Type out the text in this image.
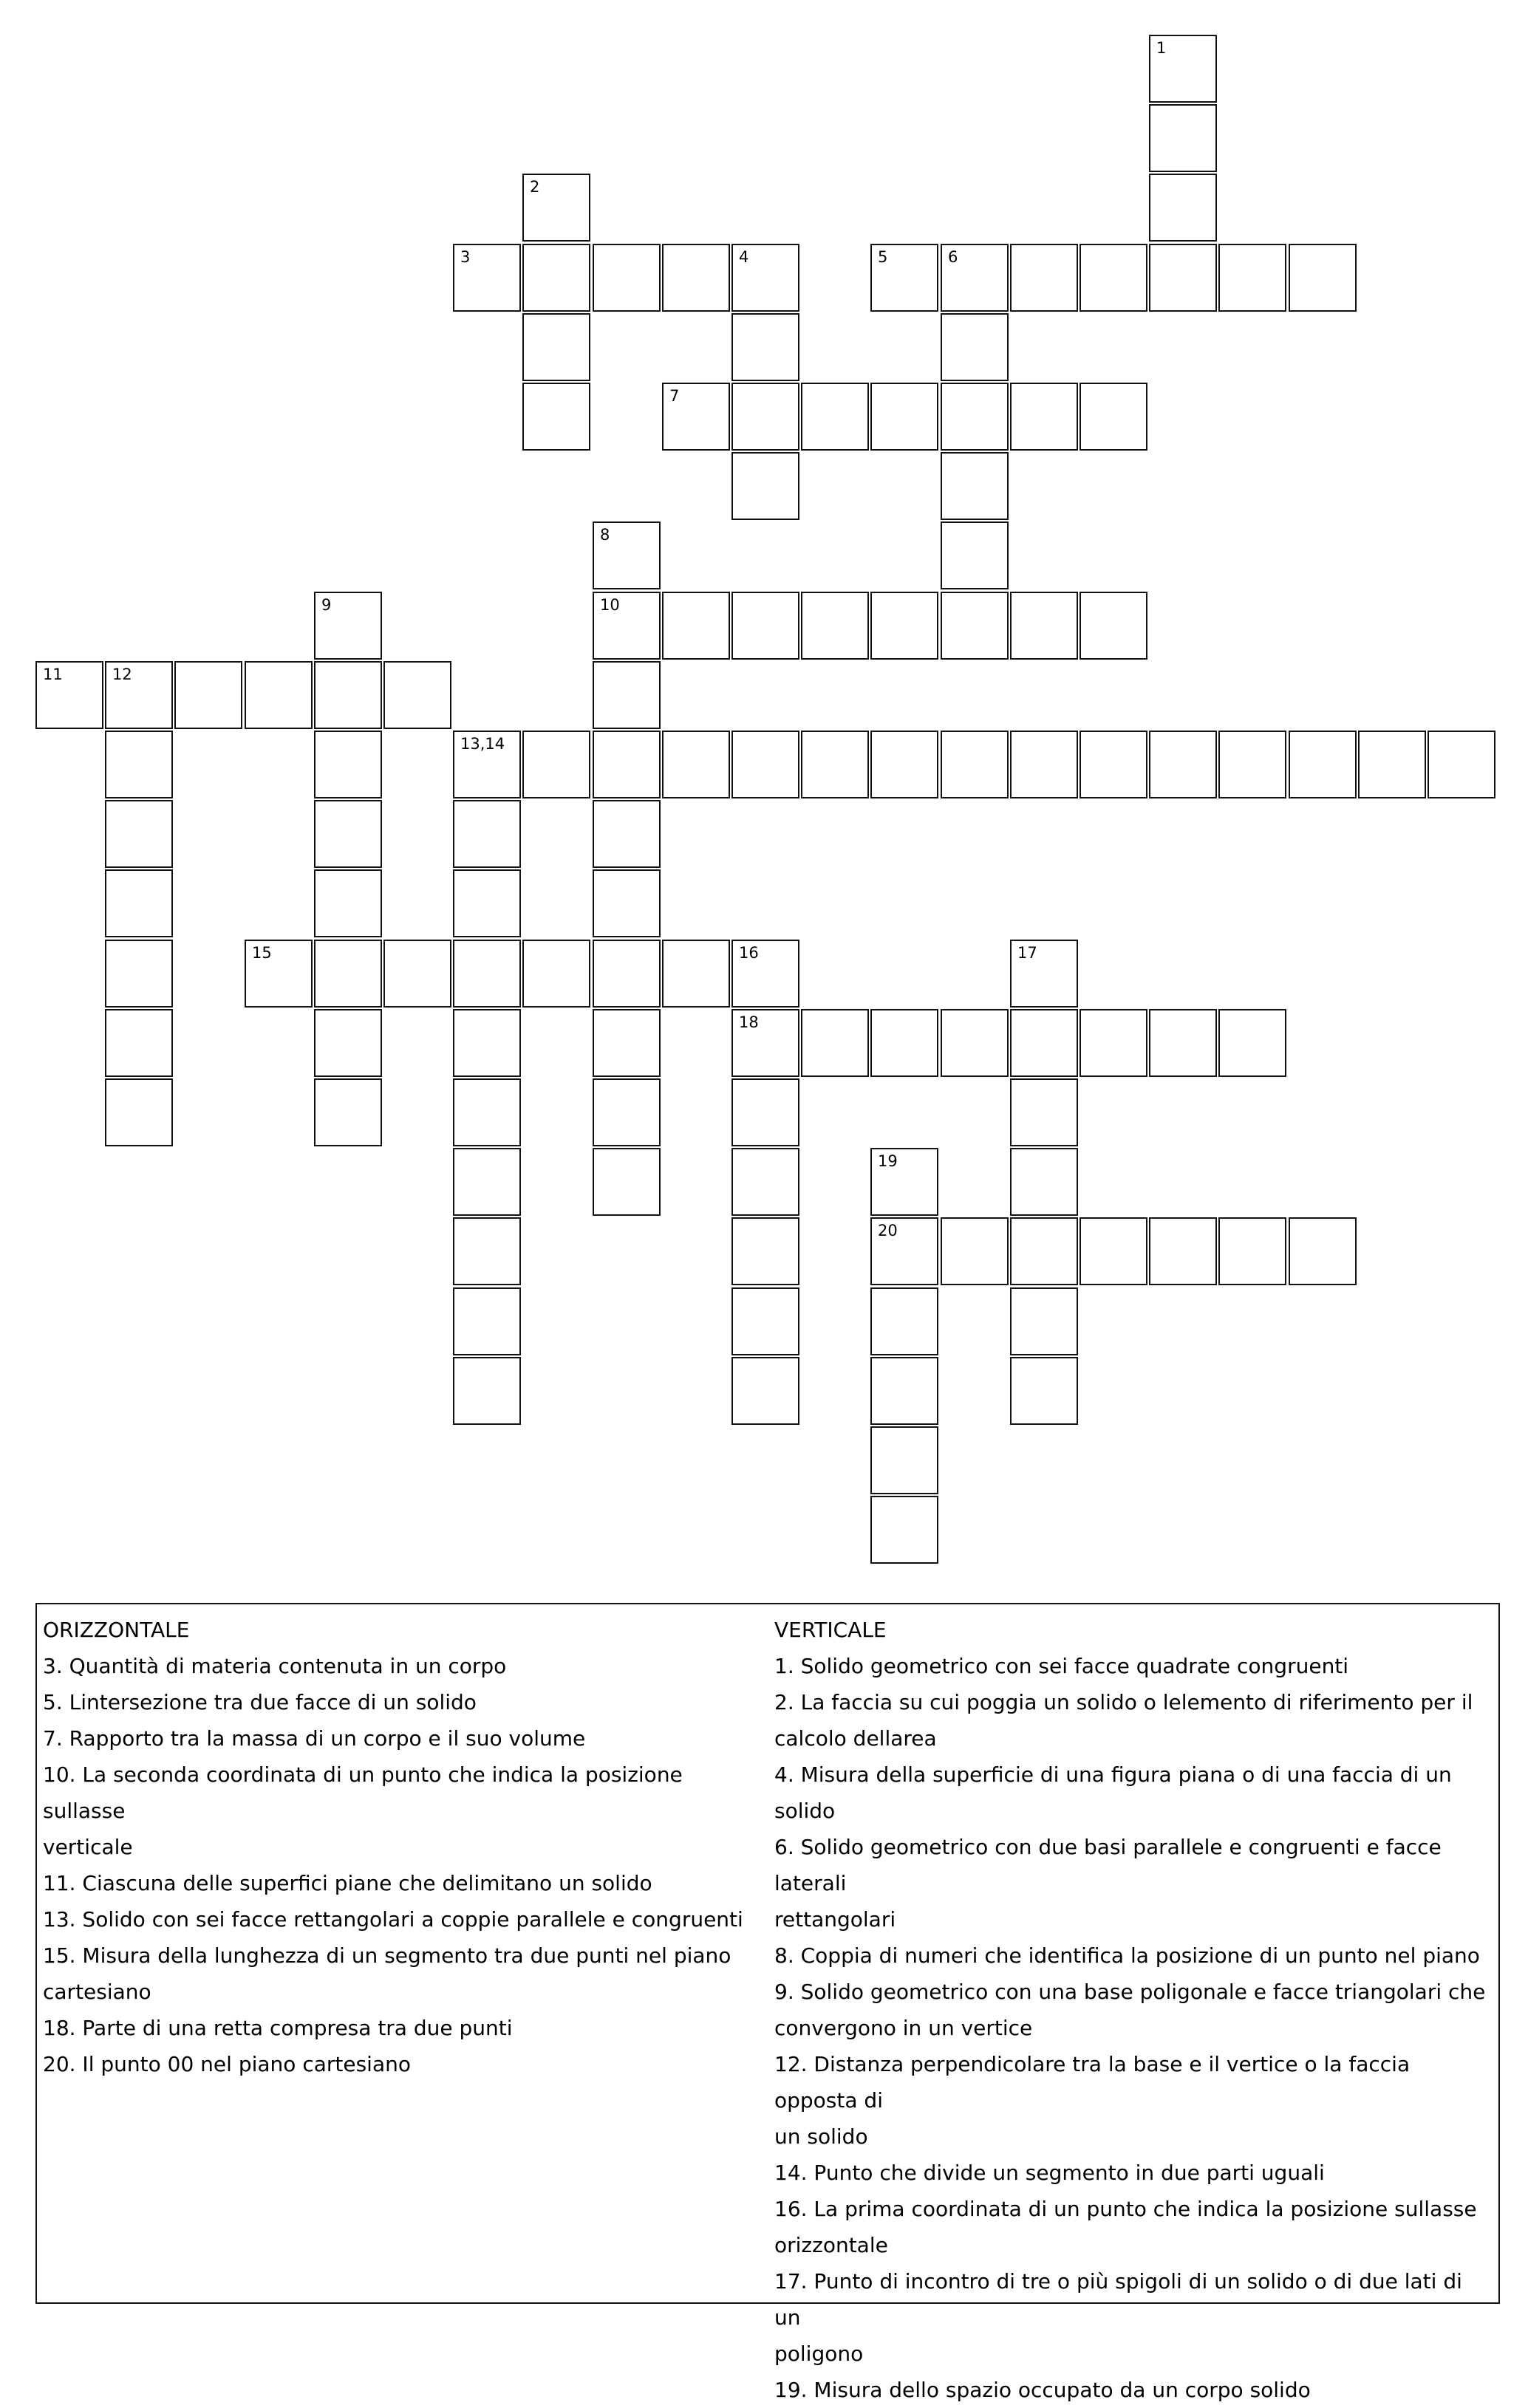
1
2
3	4	5	6
7
8
9	10
11	12
13,14
15	16	17
18
19
20

ORIZZONTALE

3. Quantità di materia contenuta in un corpo

5. Lintersezione tra due facce di un solido

7. Rapporto tra la massa di un corpo e il suo volume

10. La seconda coordinata di un punto che indica la posizione sullasse

verticale

11. Ciascuna delle superfici piane che delimitano un solido

13. Solido con sei facce rettangolari a coppie parallele e congruenti

15. Misura della lunghezza di un segmento tra due punti nel piano

cartesiano

18. Parte di una retta compresa tra due punti

20. Il punto 00 nel piano cartesiano

VERTICALE

1. Solido geometrico con sei facce quadrate congruenti

2. La faccia su cui poggia un solido o lelemento di riferimento per il

calcolo dellarea

4. Misura della superficie di una figura piana o di una faccia di un solido

6. Solido geometrico con due basi parallele e congruenti e facce laterali

rettangolari

8. Coppia di numeri che identifica la posizione di un punto nel piano

9. Solido geometrico con una base poligonale e facce triangolari che

convergono in un vertice

12. Distanza perpendicolare tra la base e il vertice o la faccia opposta di

un solido

14. Punto che divide un segmento in due parti uguali

16. La prima coordinata di un punto che indica la posizione sullasse

orizzontale

17. Punto di incontro di tre o più spigoli di un solido o di due lati di un

poligono

19. Misura dello spazio occupato da un corpo solido
